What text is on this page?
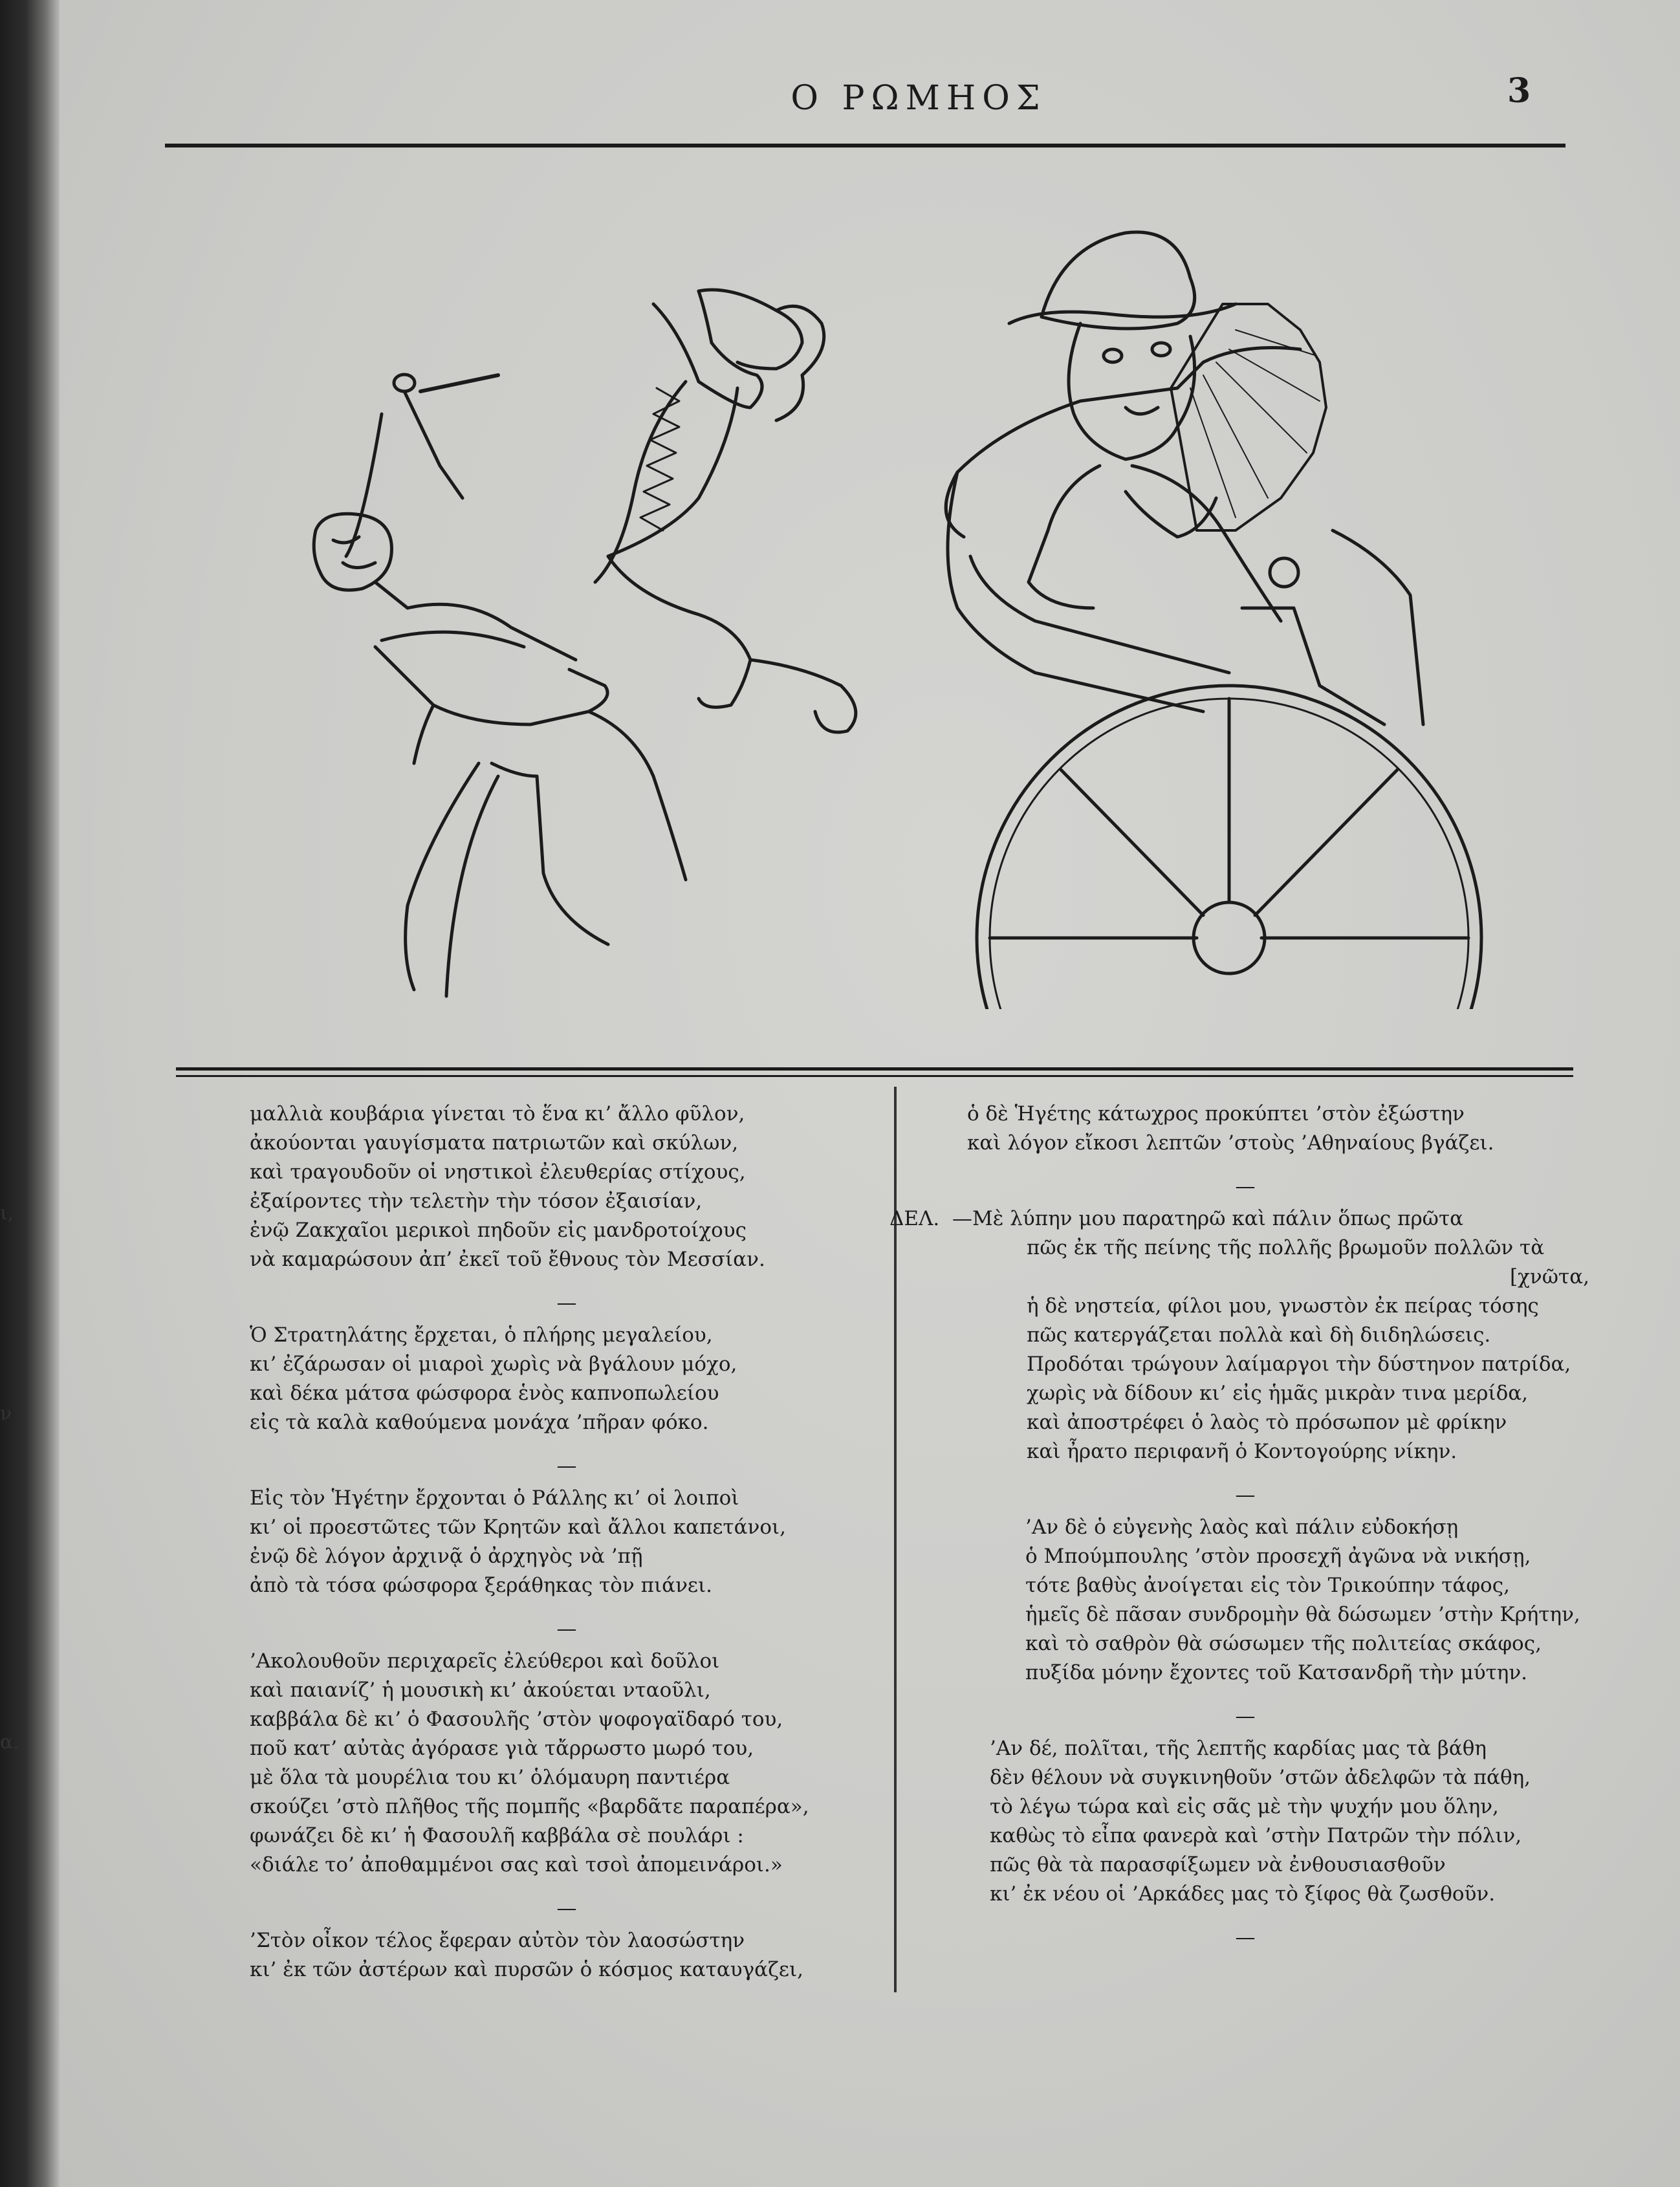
ι,
ν
α.
Ο ΡΩΜΗΟΣ	3
μαλλιὰ κουβάρια γίνεται τὸ ἕνα κι’ ἄλλο φῦλον,
ἀκούονται γαυγίσματα πατριωτῶν καὶ σκύλων,
καὶ τραγουδοῦν οἱ νηστικοὶ ἐλευθερίας στίχους,
ἐξαίροντες τὴν τελετὴν τὴν τόσον ἐξαισίαν,
ἐνῷ Ζακχαῖοι μερικοὶ πηδοῦν εἰς μανδροτοίχους
νὰ καμαρώσουν ἀπ’ ἐκεῖ τοῦ ἔθνους τὸν Μεσσίαν.
—
Ὁ Στρατηλάτης ἔρχεται, ὁ πλήρης μεγαλείου,
κι’ ἐζάρωσαν οἱ μιαροὶ χωρὶς νὰ βγάλουν μόχο,
καὶ δέκα μάτσα φώσφορα ἑνὸς καπνοπωλείου
εἰς τὰ καλὰ καθούμενα μονάχα ’πῆραν φόκο.
—
Εἰς τὸν Ἡγέτην ἔρχονται ὁ Ράλλης κι’ οἱ λοιποὶ
κι’ οἱ προεστῶτες τῶν Κρητῶν καὶ ἄλλοι καπετάνοι,
ἐνῷ δὲ λόγον ἀρχινᾷ ὁ ἀρχηγὸς νὰ ’πῇ
ἀπὸ τὰ τόσα φώσφορα ξεράθηκας τὸν πιάνει.
—
’Ακολουθοῦν περιχαρεῖς ἐλεύθεροι καὶ δοῦλοι
καὶ παιανίζ’ ἡ μουσικὴ κι’ ἀκούεται νταοῦλι,
καββάλα δὲ κι’ ὁ Φασουλῆς ’στὸν ψοφογαϊδαρό του,
ποῦ κατ’ αὐτὰς ἀγόρασε γιὰ τἄρρωστο μωρό του,
μὲ ὅλα τὰ μουρέλια του κι’ ὁλόμαυρη παντιέρα
σκούζει ’στὸ πλῆθος τῆς πομπῆς «βαρδᾶτε παραπέρα»,
φωνάζει δὲ κι’ ἡ Φασουλῆ καββάλα σὲ πουλάρι :
«διάλε το’ ἀποθαμμένοι σας καὶ τσοὶ ἀπομεινάροι.»
—
’Στὸν οἶκον τέλος ἔφεραν αὐτὸν τὸν λαοσώστην
κι’ ἐκ τῶν ἀστέρων καὶ πυρσῶν ὁ κόσμος καταυγάζει,
ὁ δὲ Ἡγέτης κάτωχρος προκύπτει ’στὸν ἐξώστην
καὶ λόγον εἴκοσι λεπτῶν ’στοὺς ’Αθηναίους βγάζει.
—
ΔΕΛ. —Μὲ λύπην μου παρατηρῶ καὶ πάλιν ὅπως πρῶτα
πῶς ἐκ τῆς πείνης τῆς πολλῆς βρωμοῦν πολλῶν τὰ
[χνῶτα,
ἡ δὲ νηστεία, φίλοι μου, γνωστὸν ἐκ πείρας τόσης
πῶς κατεργάζεται πολλὰ καὶ δὴ διιδηλώσεις.
Προδόται τρώγουν λαίμαργοι τὴν δύστηνον πατρίδα,
χωρὶς νὰ δίδουν κι’ εἰς ἡμᾶς μικρὰν τινα μερίδα,
καὶ ἀποστρέφει ὁ λαὸς τὸ πρόσωπον μὲ φρίκην
καὶ ἦρατο περιφανῆ ὁ Κοντογούρης νίκην.
—
’Αν δὲ ὁ εὐγενὴς λαὸς καὶ πάλιν εὐδοκήσῃ
ὁ Μπούμπουλης ’στὸν προσεχῆ ἀγῶνα νὰ νικήσῃ,
τότε βαθὺς ἀνοίγεται εἰς τὸν Τρικούπην τάφος,
ἡμεῖς δὲ πᾶσαν συνδρομὴν θὰ δώσωμεν ’στὴν Κρήτην,
καὶ τὸ σαθρὸν θὰ σώσωμεν τῆς πολιτείας σκάφος,
πυξίδα μόνην ἔχοντες τοῦ Κατσανδρῆ τὴν μύτην.
—
’Αν δέ, πολῖται, τῆς λεπτῆς καρδίας μας τὰ βάθη
δὲν θέλουν νὰ συγκινηθοῦν ’στῶν ἀδελφῶν τὰ πάθη,
τὸ λέγω τώρα καὶ εἰς σᾶς μὲ τὴν ψυχήν μου ὅλην,
καθὼς τὸ εἶπα φανερὰ καὶ ’στὴν Πατρῶν τὴν πόλιν,
πῶς θὰ τὰ παρασφίξωμεν νὰ ἐνθουσιασθοῦν
κι’ ἐκ νέου οἱ ’Αρκάδες μας τὸ ξίφος θὰ ζωσθοῦν.
—
